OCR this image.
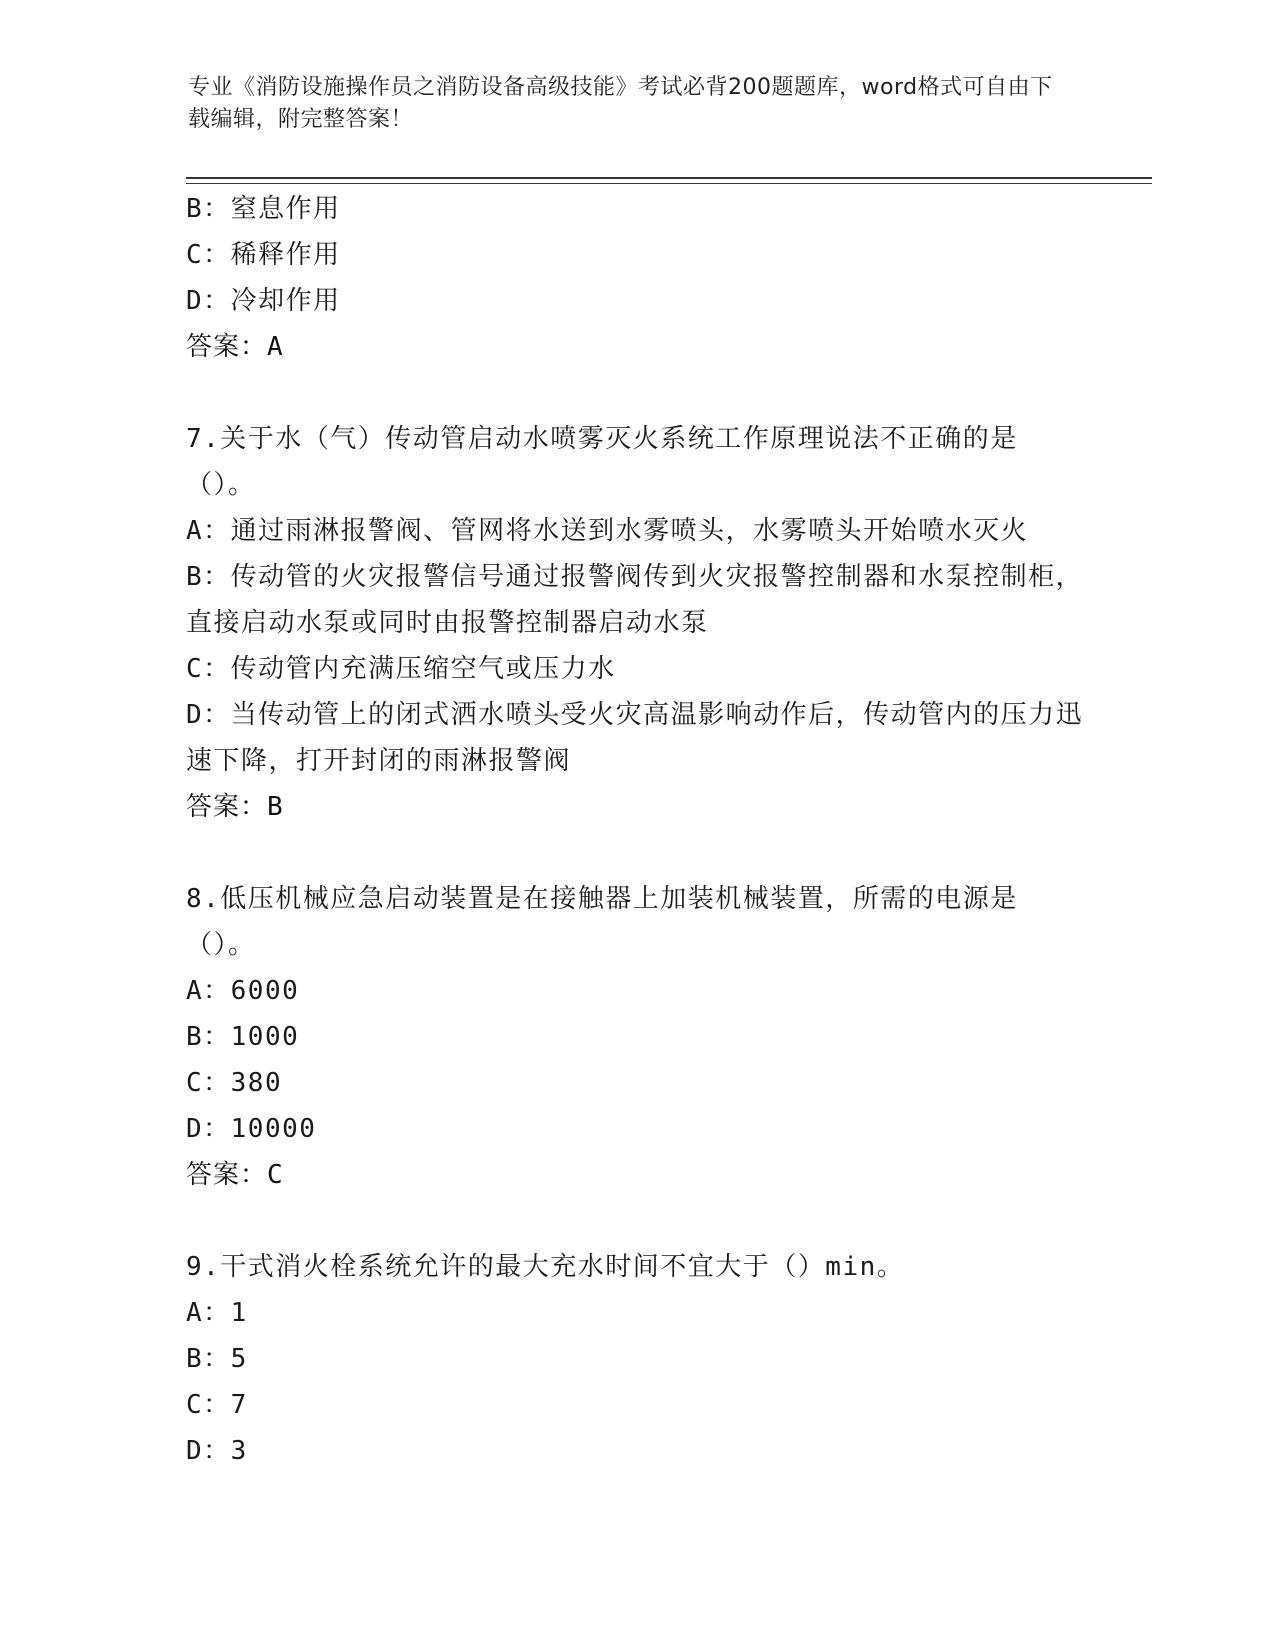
专业《消防设施操作员之消防设备高级技能》考试必背200题题库，word格式可自由下载编辑，附完整答案！
B：窒息作用
C：稀释作用
D：冷却作用
答案：A
7.关于水（气）传动管启动水喷雾灭火系统工作原理说法不正确的是（）。
A：通过雨淋报警阀、管网将水送到水雾喷头，水雾喷头开始喷水灭火
B：传动管的火灾报警信号通过报警阀传到火灾报警控制器和水泵控制柜，直接启动水泵或同时由报警控制器启动水泵
C：传动管内充满压缩空气或压力水
D：当传动管上的闭式洒水喷头受火灾高温影响动作后，传动管内的压力迅速下降，打开封闭的雨淋报警阀
答案：B
8.低压机械应急启动装置是在接触器上加装机械装置，所需的电源是（）。
A：6000
B：1000
C：380
D：10000
答案：C
9.干式消火栓系统允许的最大充水时间不宜大于（）min。
A：1
B：5
C：7
D：3
